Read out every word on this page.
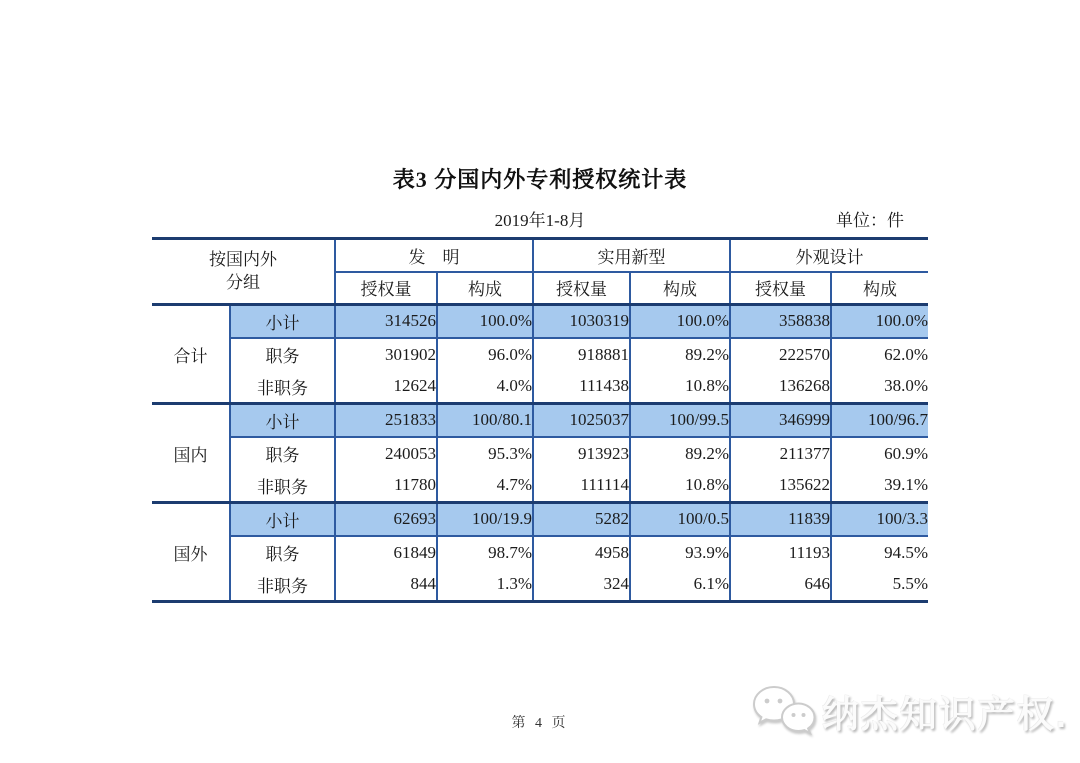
表3 分国内外专利授权统计表
2019年1-8月	单位：件
按国内外
分组		发　明		实用新型		外观设计	
		授权量	构成	授权量	构成	授权量	构成
合计	小计	314526	100.0%	1030319	100.0%	358838	100.0%
	职务	301902	96.0%	918881	89.2%	222570	62.0%
	非职务	12624	4.0%	111438	10.8%	136268	38.0%
国内	小计	251833	100/80.1	1025037	100/99.5	346999	100/96.7
	职务	240053	95.3%	913923	89.2%	211377	60.9%
	非职务	11780	4.7%	111114	10.8%	135622	39.1%
国外	小计	62693	100/19.9	5282	100/0.5	11839	100/3.3
	职务	61849	98.7%	4958	93.9%	11193	94.5%
	非职务	844	1.3%	324	6.1%	646	5.5%
第 4 页	纳杰知识产权.
